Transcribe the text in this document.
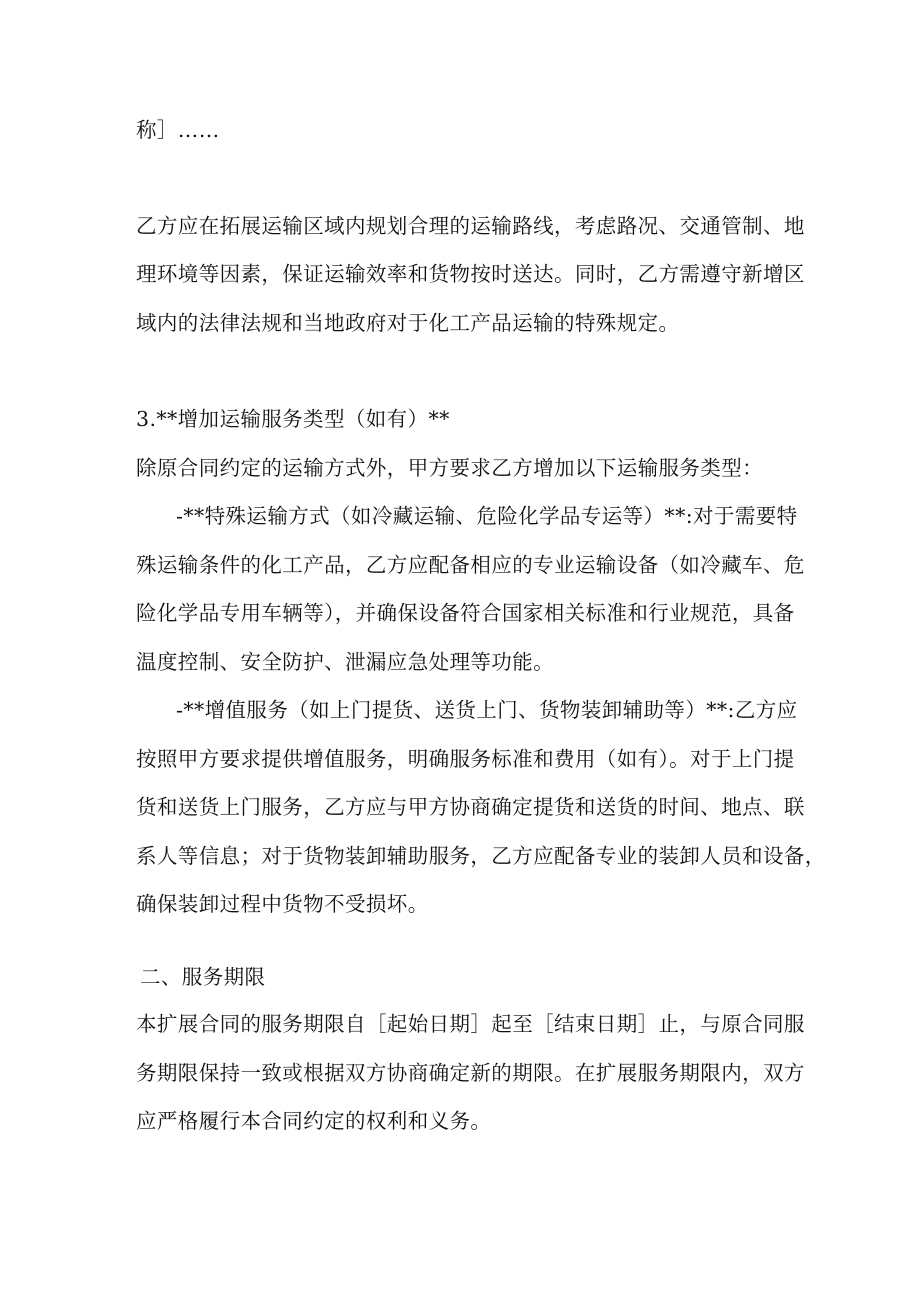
称］……
乙方应在拓展运输区域内规划合理的运输路线，考虑路况、交通管制、地
理环境等因素，保证运输效率和货物按时送达。同时，乙方需遵守新增区
域内的法律法规和当地政府对于化工产品运输的特殊规定。
3.**增加运输服务类型（如有）**
除原合同约定的运输方式外，甲方要求乙方增加以下运输服务类型：
-**特殊运输方式（如冷藏运输、危险化学品专运等）**:对于需要特
殊运输条件的化工产品，乙方应配备相应的专业运输设备（如冷藏车、危
险化学品专用车辆等），并确保设备符合国家相关标准和行业规范，具备
温度控制、安全防护、泄漏应急处理等功能。
-**增值服务（如上门提货、送货上门、货物装卸辅助等）**:乙方应
按照甲方要求提供增值服务，明确服务标准和费用（如有）。对于上门提
货和送货上门服务，乙方应与甲方协商确定提货和送货的时间、地点、联
系人等信息；对于货物装卸辅助服务，乙方应配备专业的装卸人员和设备，
确保装卸过程中货物不受损坏。
二、服务期限
本扩展合同的服务期限自［起始日期］起至［结束日期］止，与原合同服
务期限保持一致或根据双方协商确定新的期限。在扩展服务期限内，双方
应严格履行本合同约定的权利和义务。
